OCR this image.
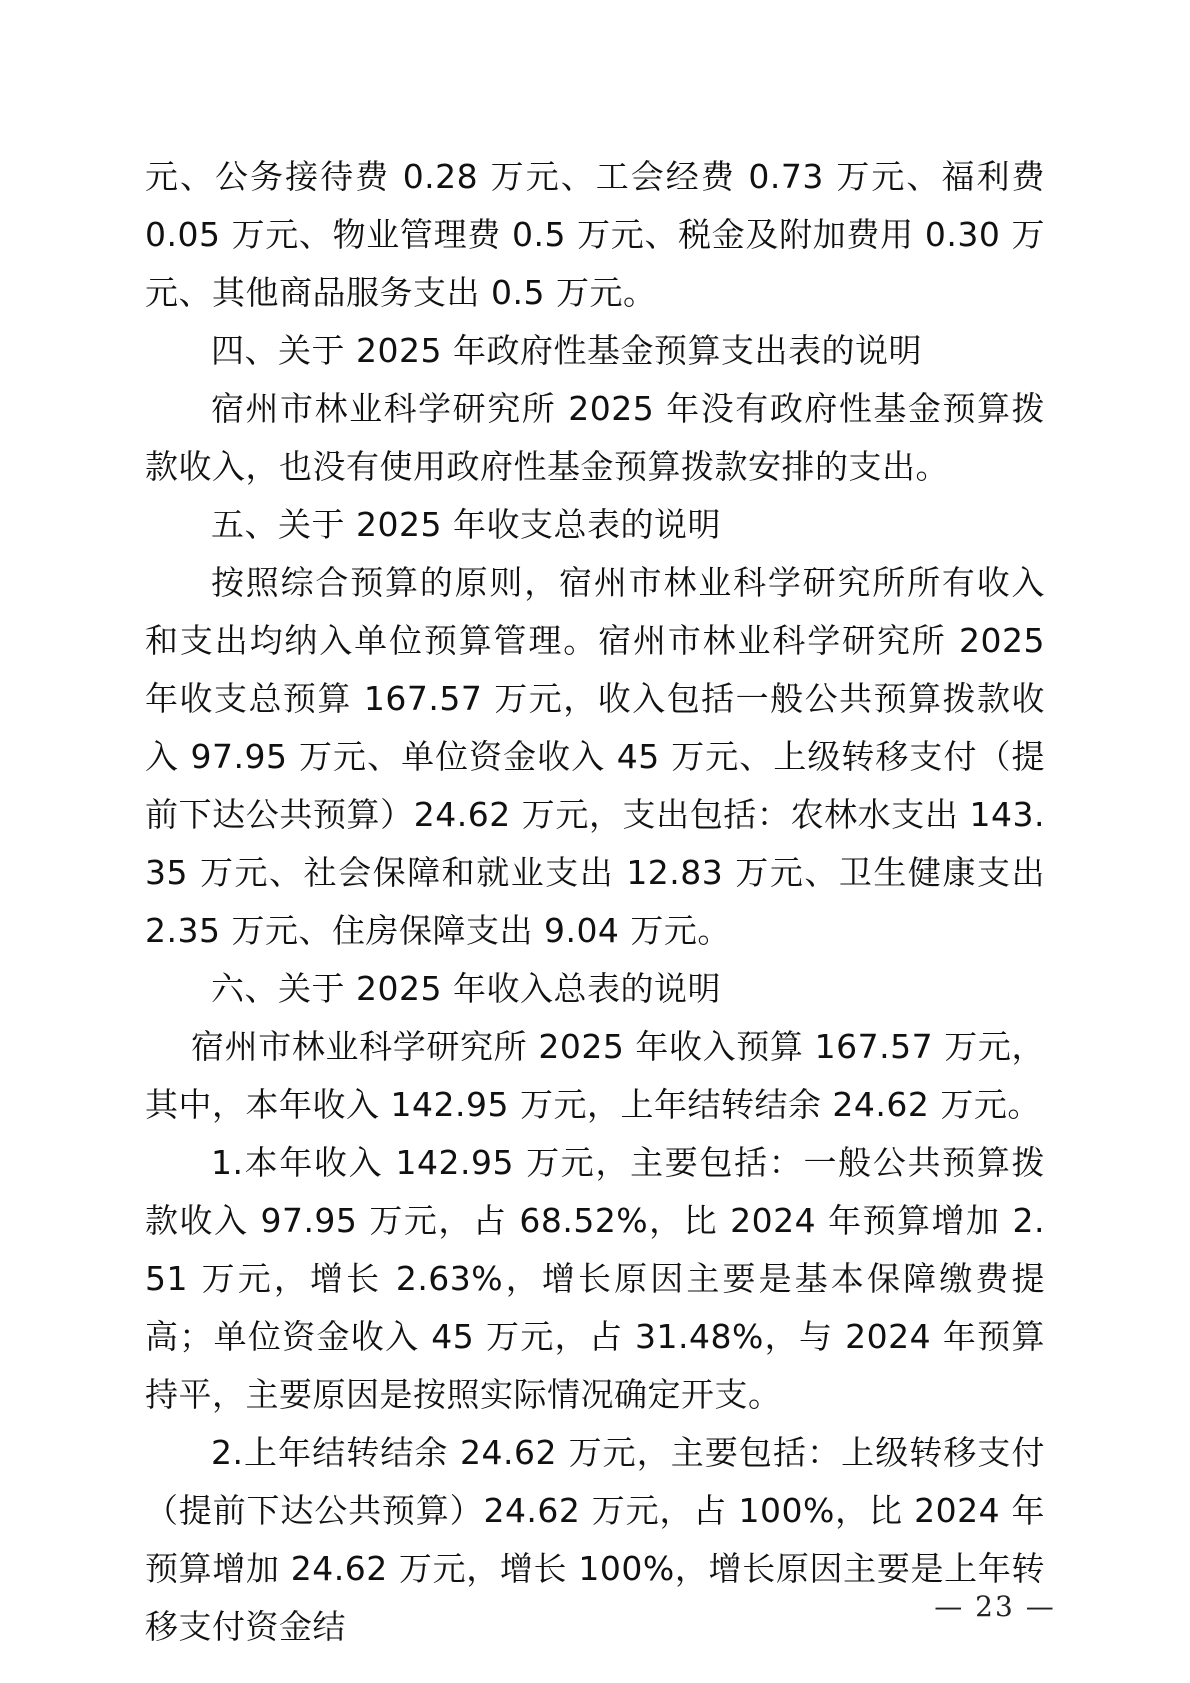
元、公务接待费 0.28 万元、工会经费 0.73 万元、福利费 0.05 万元、物业管理费 0.5 万元、税金及附加费用 0.30 万元、其他商品服务支出 0.5 万元。

四、关于 2025 年政府性基金预算支出表的说明

宿州市林业科学研究所 2025 年没有政府性基金预算拨款收入，也没有使用政府性基金预算拨款安排的支出。

五、关于 2025 年收支总表的说明

按照综合预算的原则，宿州市林业科学研究所所有收入和支出均纳入单位预算管理。宿州市林业科学研究所 2025 年收支总预算 167.57 万元，收入包括一般公共预算拨款收入 97.95 万元、单位资金收入 45 万元、上级转移支付（提前下达公共预算）24.62 万元，支出包括：农林水支出 143.35 万元、社会保障和就业支出 12.83 万元、卫生健康支出 2.35 万元、住房保障支出 9.04 万元。

六、关于 2025 年收入总表的说明

宿州市林业科学研究所 2025 年收入预算 167.57 万元，其中，本年收入 142.95 万元，上年结转结余 24.62 万元。

1.本年收入 142.95 万元，主要包括：一般公共预算拨款收入 97.95 万元，占 68.52%，比 2024 年预算增加 2.51 万元，增长 2.63%，增长原因主要是基本保障缴费提高；单位资金收入 45 万元，占 31.48%，与 2024 年预算持平，主要原因是按照实际情况确定开支。

2.上年结转结余 24.62 万元，主要包括：上级转移支付（提前下达公共预算）24.62 万元，占 100%，比 2024 年预算增加 24.62 万元，增长 100%，增长原因主要是上年转移支付资金结

— 23 —
